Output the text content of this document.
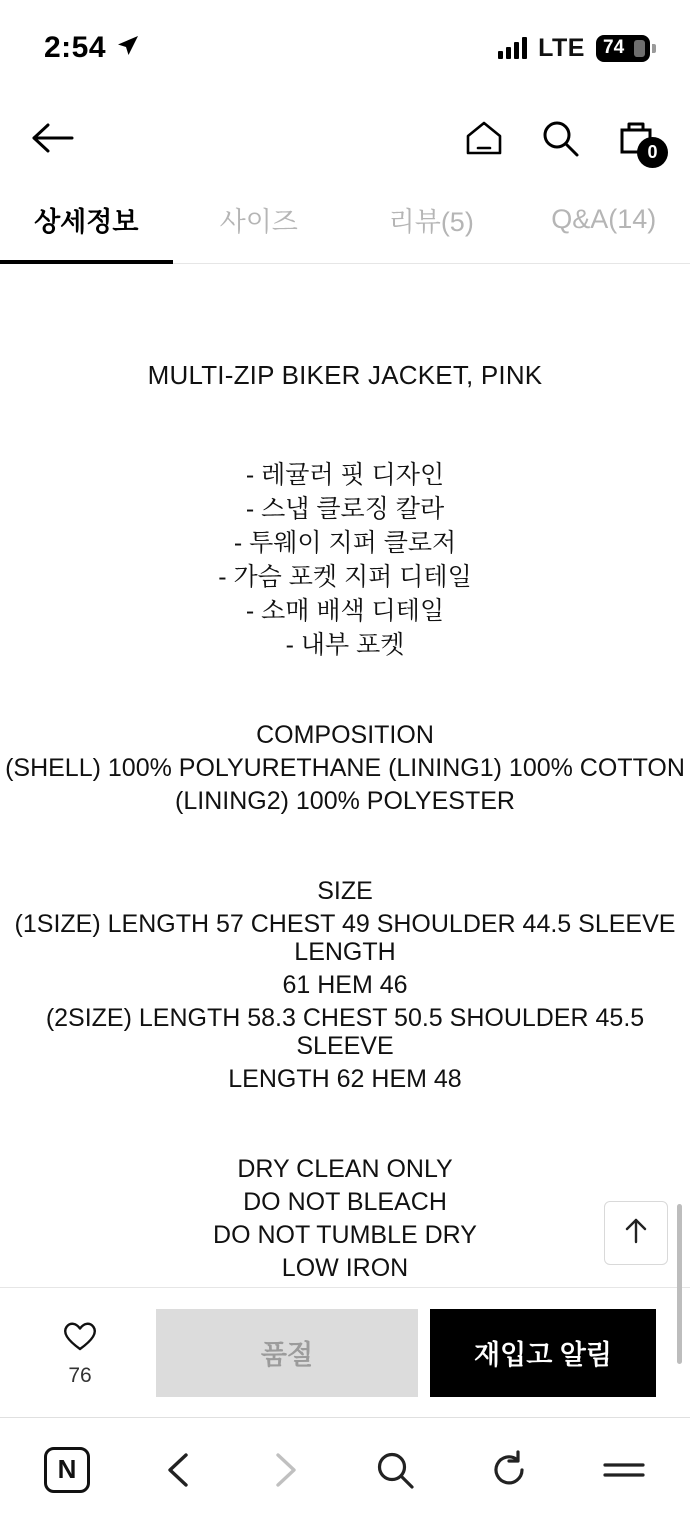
2:54	LTE 74
0
상세정보	사이즈	리뷰(5)	Q&A(14)
MULTI-ZIP BIKER JACKET, PINK
- 레귤러 핏 디자인
- 스냅 클로징 칼라
- 투웨이 지퍼 클로저
- 가슴 포켓 지퍼 디테일
- 소매 배색 디테일
- 내부 포켓
COMPOSITION
(SHELL) 100% POLYURETHANE (LINING1) 100% COTTON
(LINING2) 100% POLYESTER
SIZE
(1SIZE) LENGTH 57 CHEST 49 SHOULDER 44.5 SLEEVE LENGTH
61 HEM 46
(2SIZE) LENGTH 58.3 CHEST 50.5 SHOULDER 45.5 SLEEVE
LENGTH 62 HEM 48
DRY CLEAN ONLY
DO NOT BLEACH
DO NOT TUMBLE DRY
LOW IRON
76
품절	재입고 알림
N
